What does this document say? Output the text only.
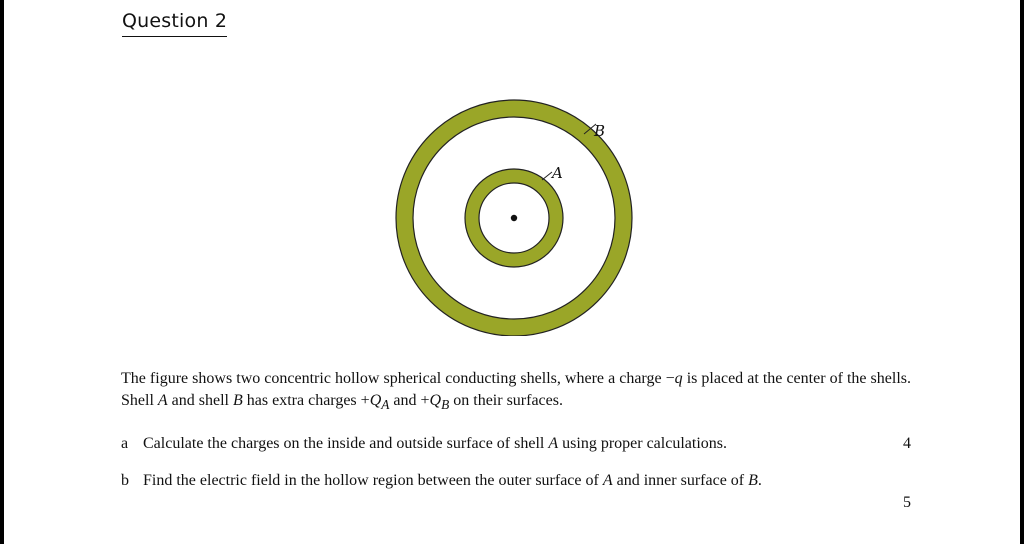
Question 2
B
A
The figure shows two concentric hollow spherical conducting shells, where a charge −q is placed at the center of the shells. Shell A and shell B has extra charges $+Q_A$ and $+Q_B$ on their surfaces.
a Calculate the charges on the inside and outside surface of shell A using proper calculations.	4
b Find the electric field in the hollow region between the outer surface of A and inner surface of B.
5
